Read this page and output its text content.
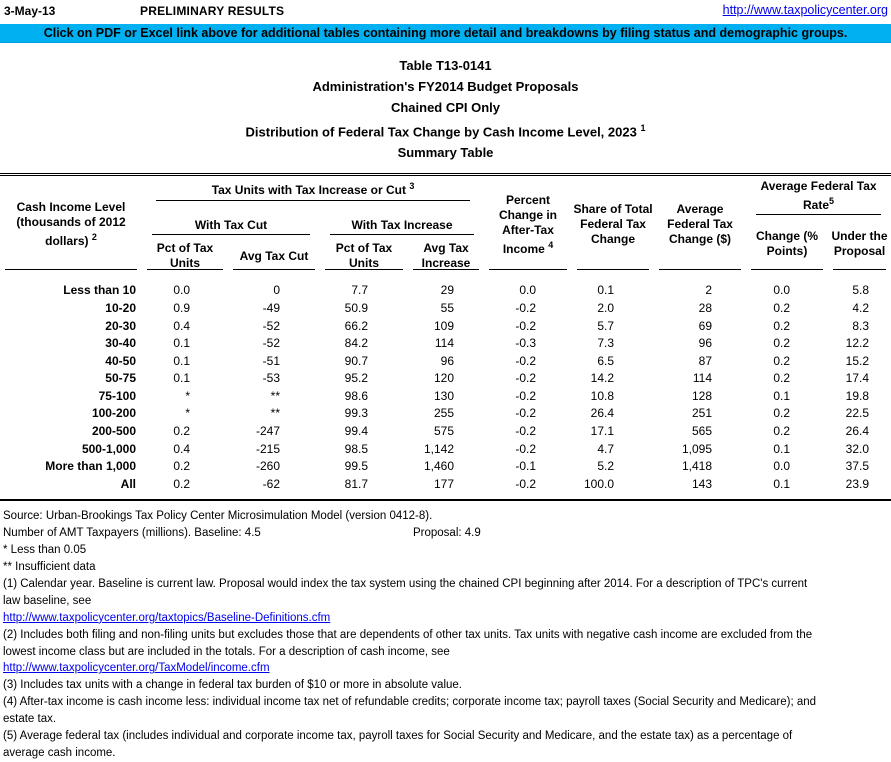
3-May-13	PRELIMINARY RESULTS	http://www.taxpolicycenter.org
Click on PDF or Excel link above for additional tables containing more detail and breakdowns by filing status and demographic groups.
Table T13-0141
Administration's FY2014 Budget Proposals
Chained CPI Only
Distribution of Federal Tax Change by Cash Income Level, 2023 $^1$
Summary Table
Cash Income Level (thousands of 2012 dollars) $^2$	Tax Units with Tax Increase or Cut $^3$				Percent Change in After-Tax Income $^4$	Share of Total Federal Tax Change	Average Federal Tax Change ($)	Average Federal Tax Rate$^5$

	With Tax Cut		With Tax Increase					Change (% Points)	Under the Proposal

	Pct of Tax Units	Avg Tax Cut	Pct of Tax Units	Avg Tax Increase					

Less than 10	0.0	0	7.7	29	0.0	0.1	2	0.0	5.8
10-20	0.9	-49	50.9	55	-0.2	2.0	28	0.2	4.2
20-30	0.4	-52	66.2	109	-0.2	5.7	69	0.2	8.3
30-40	0.1	-52	84.2	114	-0.3	7.3	96	0.2	12.2
40-50	0.1	-51	90.7	96	-0.2	6.5	87	0.2	15.2
50-75	0.1	-53	95.2	120	-0.2	14.2	114	0.2	17.4
75-100	*	**	98.6	130	-0.2	10.8	128	0.1	19.8
100-200	*	**	99.3	255	-0.2	26.4	251	0.2	22.5
200-500	0.2	-247	99.4	575	-0.2	17.1	565	0.2	26.4
500-1,000	0.4	-215	98.5	1,142	-0.2	4.7	1,095	0.1	32.0
More than 1,000	0.2	-260	99.5	1,460	-0.1	5.2	1,418	0.0	37.5
All	0.2	-62	81.7	177	-0.2	100.0	143	0.1	23.9
Source: Urban-Brookings Tax Policy Center Microsimulation Model (version 0412-8).
Number of AMT Taxpayers (millions). Baseline: 4.5	Proposal: 4.9
* Less than 0.05
** Insufficient data
(1) Calendar year. Baseline is current law. Proposal would index the tax system using the chained CPI beginning after 2014. For a description of TPC's current
law baseline, see
http://www.taxpolicycenter.org/taxtopics/Baseline-Definitions.cfm
(2) Includes both filing and non-filing units but excludes those that are dependents of other tax units. Tax units with negative cash income are excluded from the
lowest income class but are included in the totals. For a description of cash income, see
http://www.taxpolicycenter.org/TaxModel/income.cfm
(3) Includes tax units with a change in federal tax burden of $10 or more in absolute value.
(4) After-tax income is cash income less: individual income tax net of refundable credits; corporate income tax; payroll taxes (Social Security and Medicare); and
estate tax.
(5) Average federal tax (includes individual and corporate income tax, payroll taxes for Social Security and Medicare, and the estate tax) as a percentage of
average cash income.
